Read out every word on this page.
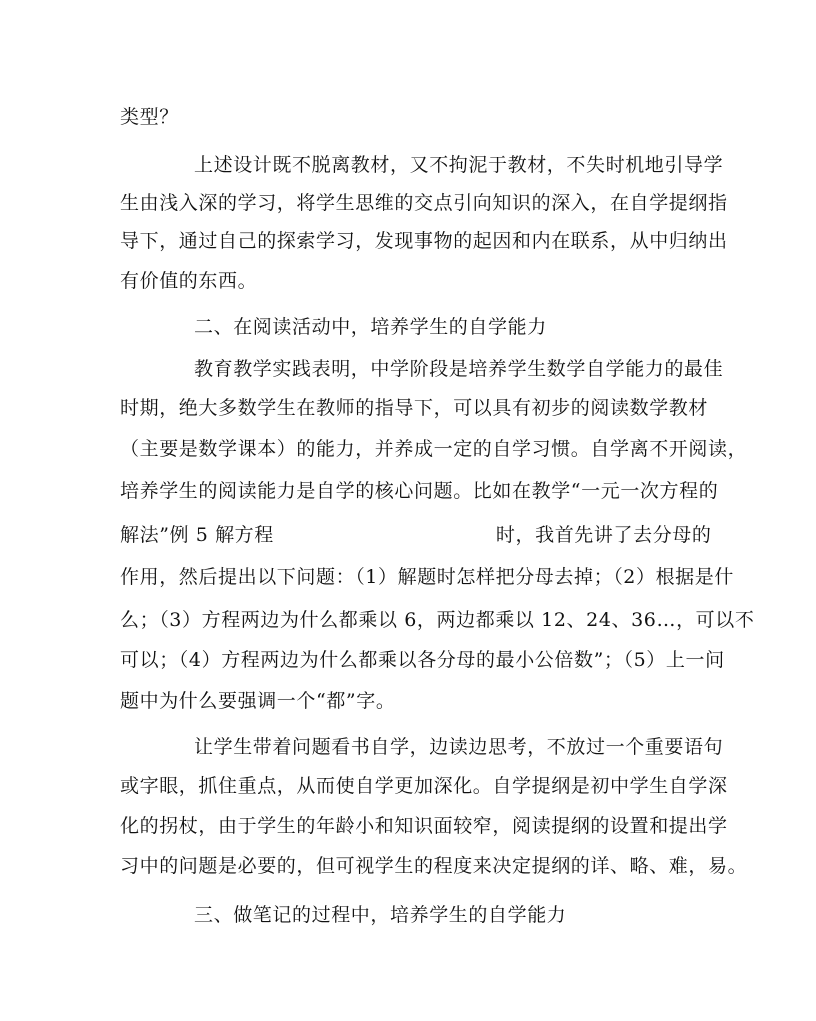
类型？
上述设计既不脱离教材，又不拘泥于教材，不失时机地引导学
生由浅入深的学习，将学生思维的交点引向知识的深入，在自学提纲指
导下，通过自己的探索学习，发现事物的起因和内在联系，从中归纳出
有价值的东西。
二、在阅读活动中，培养学生的自学能力
教育教学实践表明，中学阶段是培养学生数学自学能力的最佳
时期，绝大多数学生在教师的指导下，可以具有初步的阅读数学教材
（主要是数学课本）的能力，并养成一定的自学习惯。自学离不开阅读，
培养学生的阅读能力是自学的核心问题。比如在教学“一元一次方程的
解法”例 5 解方程	时，我首先讲了去分母的
作用，然后提出以下问题：（1）解题时怎样把分母去掉；（2）根据是什
么；（3）方程两边为什么都乘以 6，两边都乘以 12、24、36…，可以不
可以；（4）方程两边为什么都乘以各分母的最小公倍数”；（5）上一问
题中为什么要强调一个“都”字。
让学生带着问题看书自学，边读边思考，不放过一个重要语句
或字眼，抓住重点，从而使自学更加深化。自学提纲是初中学生自学深
化的拐杖，由于学生的年龄小和知识面较窄，阅读提纲的设置和提出学
习中的问题是必要的，但可视学生的程度来决定提纲的详、略、难，易。
三、做笔记的过程中，培养学生的自学能力
